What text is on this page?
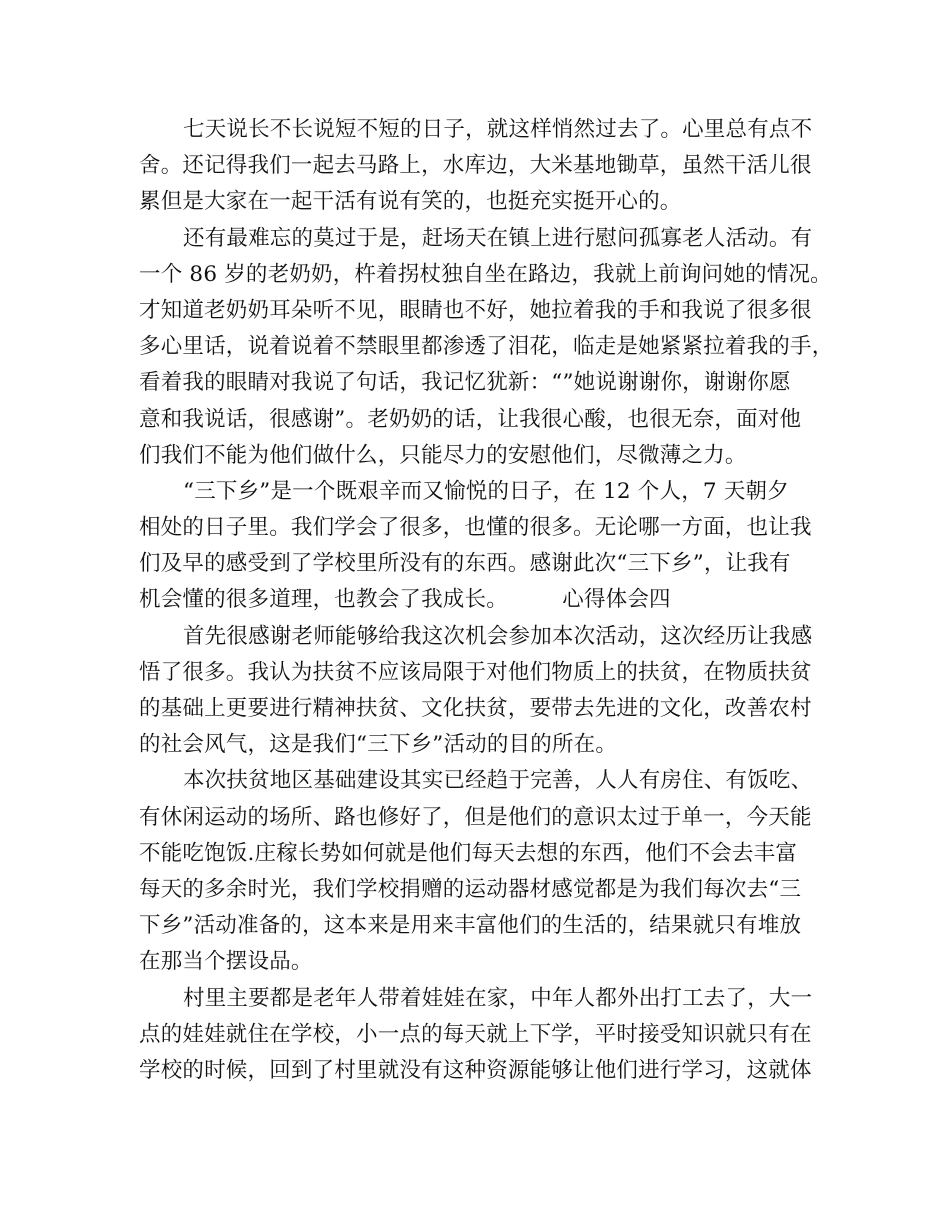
七天说长不长说短不短的日子，就这样悄然过去了。心里总有点不
舍。还记得我们一起去马路上，水库边，大米基地锄草，虽然干活儿很
累但是大家在一起干活有说有笑的，也挺充实挺开心的。
还有最难忘的莫过于是，赶场天在镇上进行慰问孤寡老人活动。有
一个 86 岁的老奶奶，杵着拐杖独自坐在路边，我就上前询问她的情况。
才知道老奶奶耳朵听不见，眼睛也不好，她拉着我的手和我说了很多很
多心里话，说着说着不禁眼里都渗透了泪花，临走是她紧紧拉着我的手，
看着我的眼睛对我说了句话，我记忆犹新：“”她说谢谢你，谢谢你愿
意和我说话，很感谢”。老奶奶的话，让我很心酸，也很无奈，面对他
们我们不能为他们做什么，只能尽力的安慰他们，尽微薄之力。
“三下乡”是一个既艰辛而又愉悦的日子，在 12 个人，7 天朝夕
相处的日子里。我们学会了很多，也懂的很多。无论哪一方面，也让我
们及早的感受到了学校里所没有的东西。感谢此次“三下乡”，让我有
机会懂的很多道理，也教会了我成长。　　　心得体会四
首先很感谢老师能够给我这次机会参加本次活动，这次经历让我感
悟了很多。我认为扶贫不应该局限于对他们物质上的扶贫，在物质扶贫
的基础上更要进行精神扶贫、文化扶贫，要带去先进的文化，改善农村
的社会风气，这是我们“三下乡”活动的目的所在。
本次扶贫地区基础建设其实已经趋于完善，人人有房住、有饭吃、
有休闲运动的场所、路也修好了，但是他们的意识太过于单一，今天能
不能吃饱饭.庄稼长势如何就是他们每天去想的东西，他们不会去丰富
每天的多余时光，我们学校捐赠的运动器材感觉都是为我们每次去“三
下乡”活动准备的，这本来是用来丰富他们的生活的，结果就只有堆放
在那当个摆设品。
村里主要都是老年人带着娃娃在家，中年人都外出打工去了，大一
点的娃娃就住在学校，小一点的每天就上下学，平时接受知识就只有在
学校的时候，回到了村里就没有这种资源能够让他们进行学习，这就体
